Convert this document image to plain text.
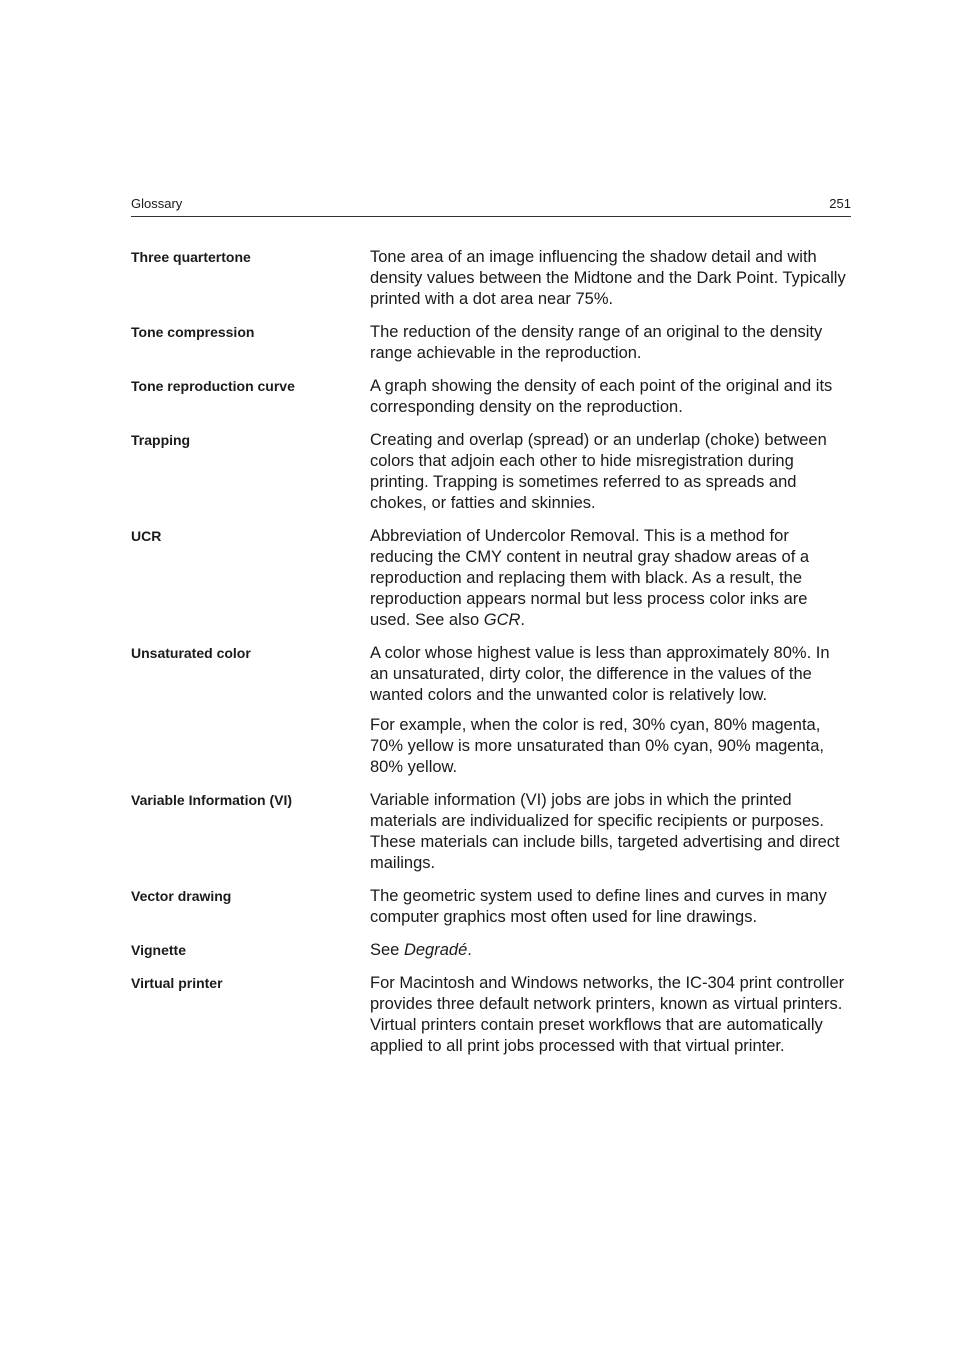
Glossary	251
Three quartertone	Tone area of an image influencing the shadow detail and with density values between the Midtone and the Dark Point. Typically printed with a dot area near 75%.

Tone compression	The reduction of the density range of an original to the density range achievable in the reproduction.

Tone reproduction curve	A graph showing the density of each point of the original and its corresponding density on the reproduction.

Trapping	Creating and overlap (spread) or an underlap (choke) between colors that adjoin each other to hide misregistration during printing. Trapping is sometimes referred to as spreads and chokes, or fatties and skinnies.

UCR	Abbreviation of Undercolor Removal. This is a method for reducing the CMY content in neutral gray shadow areas of a reproduction and replacing them with black. As a result, the reproduction appears normal but less process color inks are used. See also GCR.

Unsaturated color	A color whose highest value is less than approximately 80%. In an unsaturated, dirty color, the difference in the values of the wanted colors and the unwanted color is relatively low.

For example, when the color is red, 30% cyan, 80% magenta, 70% yellow is more unsaturated than 0% cyan, 90% magenta, 80% yellow.

Variable Information (VI)	Variable information (VI) jobs are jobs in which the printed materials are individualized for specific recipients or purposes. These materials can include bills, targeted advertising and direct mailings.

Vector drawing	The geometric system used to define lines and curves in many computer graphics most often used for line drawings.

Vignette	See Degradé.

Virtual printer	For Macintosh and Windows networks, the IC-304 print controller provides three default network printers, known as virtual printers. Virtual printers contain preset workflows that are automatically applied to all print jobs processed with that virtual printer.
